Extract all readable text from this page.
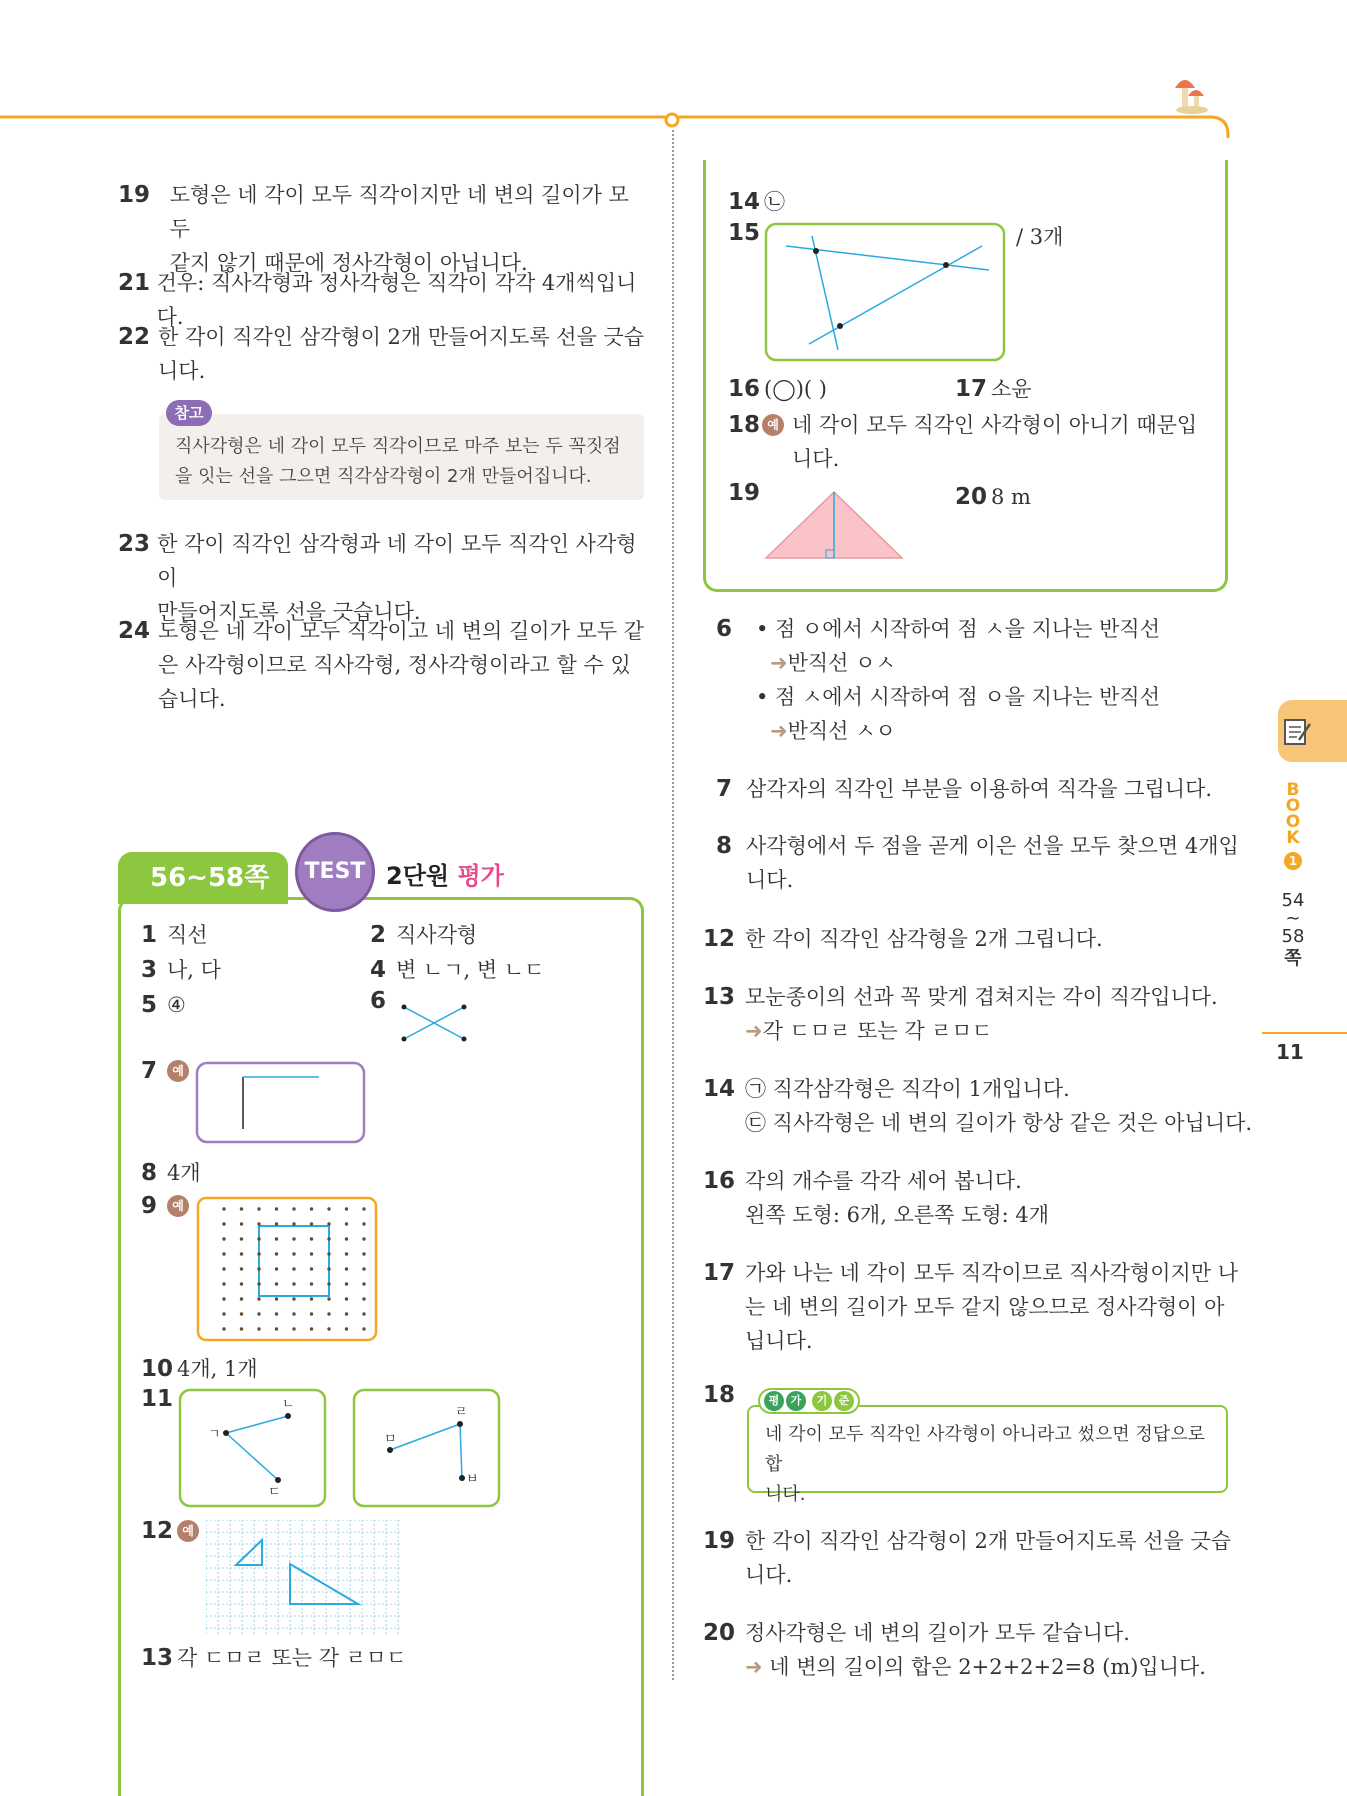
19 도형은 네 각이 모두 직각이지만 네 변의 길이가 모두
같지 않기 때문에 정사각형이 아닙니다.
21 건우: 직사각형과 정사각형은 직각이 각각 4개씩입니다.
22 한 각이 직각인 삼각형이 2개 만들어지도록 선을 긋습
니다.
참고
직사각형은 네 각이 모두 직각이므로 마주 보는 두 꼭짓점
을 잇는 선을 그으면 직각삼각형이 2개 만들어집니다.
23 한 각이 직각인 삼각형과 네 각이 모두 직각인 사각형이
만들어지도록 선을 긋습니다.
24 도형은 네 각이 모두 직각이고 네 변의 길이가 모두 같
은 사각형이므로 직사각형, 정사각형이라고 할 수 있
습니다.
56~58쪽	TEST 2단원 평가
1 직선	2 직사각형
3 나, 다	4 변 ㄴㄱ, 변 ㄴㄷ
5 ④	6
7	예
8 4개
9	예
10 4개, 1개
11	ㄴ
ㄱ
ㄷ
ㄹ
ㅁ
ㅂ
12 예
13 각 ㄷㅁㄹ 또는 각 ㄹㅁㄷ
14 ㉡
15	/ 3개
16 (◯)( )	17 소윤
18 예 네 각이 모두 직각인 사각형이 아니기 때문입
니다.
19	20 8 m
6	• 점 ㅇ에서 시작하여 점 ㅅ을 지나는 반직선
➜반직선 ㅇㅅ
• 점 ㅅ에서 시작하여 점 ㅇ을 지나는 반직선
➜반직선 ㅅㅇ
7 삼각자의 직각인 부분을 이용하여 직각을 그립니다.
8 사각형에서 두 점을 곧게 이은 선을 모두 찾으면 4개입
니다.
12 한 각이 직각인 삼각형을 2개 그립니다.
13 모눈종이의 선과 꼭 맞게 겹쳐지는 각이 직각입니다.
➜각 ㄷㅁㄹ 또는 각 ㄹㅁㄷ
14 ㉠ 직각삼각형은 직각이 1개입니다.
㉢ 직사각형은 네 변의 길이가 항상 같은 것은 아닙니다.
16 각의 개수를 각각 세어 봅니다.
왼쪽 도형: 6개, 오른쪽 도형: 4개
17 가와 나는 네 각이 모두 직각이므로 직사각형이지만 나
는 네 변의 길이가 모두 같지 않으므로 정사각형이 아
닙니다.
18	평	가	기	준
네 각이 모두 직각인 사각형이 아니라고 썼으면 정답으로 합
니다.
19 한 각이 직각인 삼각형이 2개 만들어지도록 선을 긋습
니다.
20 정사각형은 네 변의 길이가 모두 같습니다.
➜ 네 변의 길이의 합은 2+2+2+2=8 (m)입니다.
BOOK
1
54
~
58
쪽
11
